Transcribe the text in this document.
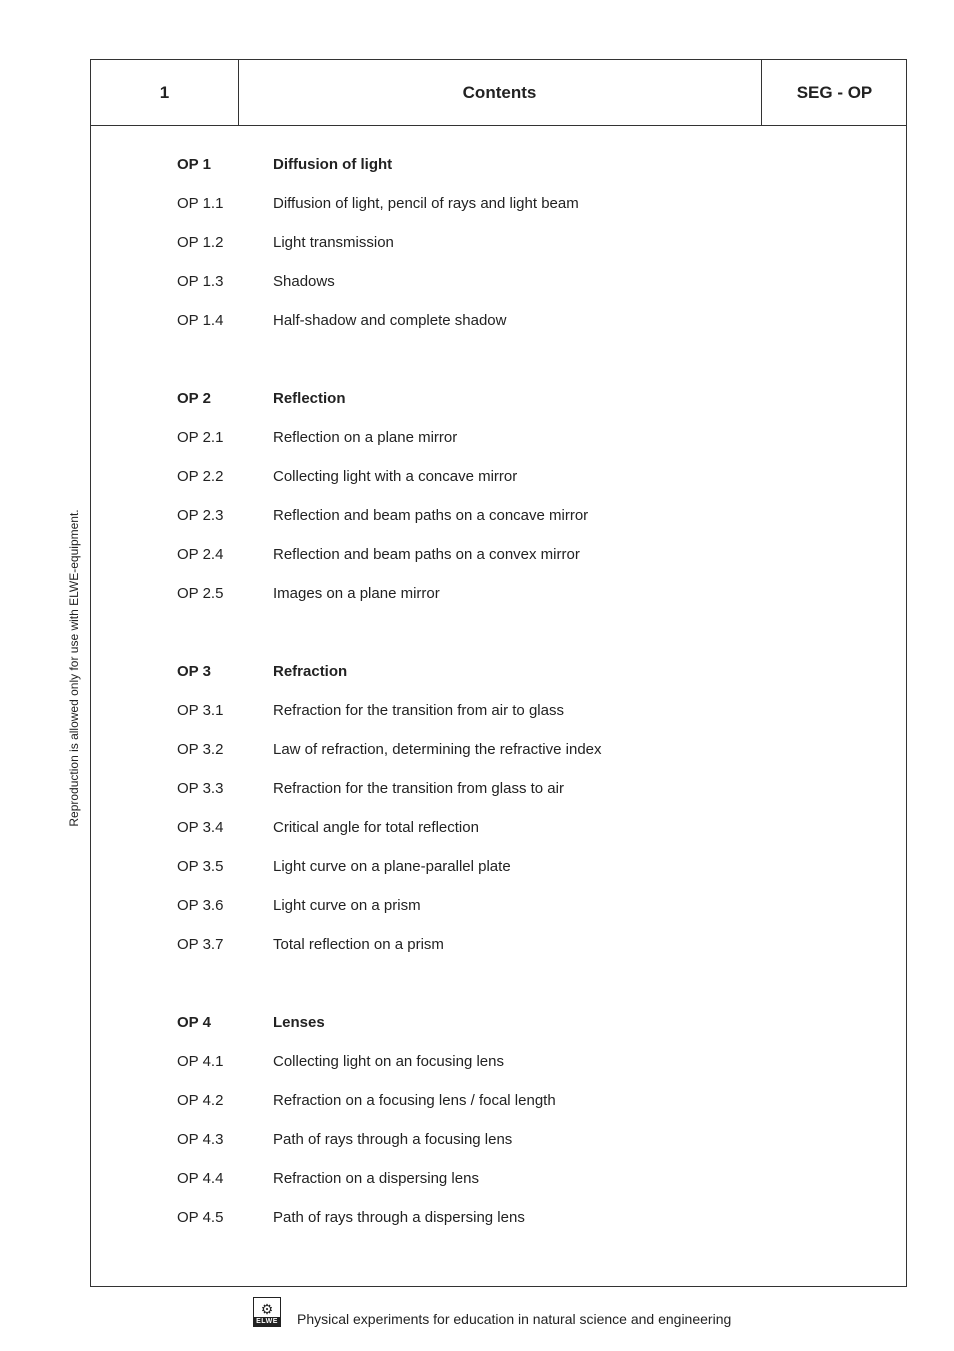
1	Contents	SEG - OP
OP 1	Diffusion of light
OP 1.1	Diffusion of light, pencil of rays and light beam
OP 1.2	Light transmission
OP 1.3	Shadows
OP 1.4	Half-shadow and complete shadow
OP 2	Reflection
OP 2.1	Reflection on a plane mirror
OP 2.2	Collecting light with a concave mirror
OP 2.3	Reflection and beam paths on a concave mirror
OP 2.4	Reflection and beam paths on a convex mirror
OP 2.5	Images on a plane mirror
OP 3	Refraction
OP 3.1	Refraction for the transition from air to glass
OP 3.2	Law of refraction, determining the refractive index
OP 3.3	Refraction for the transition from glass to air
OP 3.4	Critical angle for total reflection
OP 3.5	Light curve on a plane-parallel plate
OP 3.6	Light curve on a prism
OP 3.7	Total reflection on a prism
OP 4	Lenses
OP 4.1	Collecting light on an focusing lens
OP 4.2	Refraction on a focusing lens / focal length
OP 4.3	Path of rays through a focusing lens
OP 4.4	Refraction on a dispersing lens
OP 4.5	Path of rays through a dispersing lens
Reproduction is allowed only for use with ELWE-equipment.
⚙
ELWE Physical experiments for education in natural science and engineering
